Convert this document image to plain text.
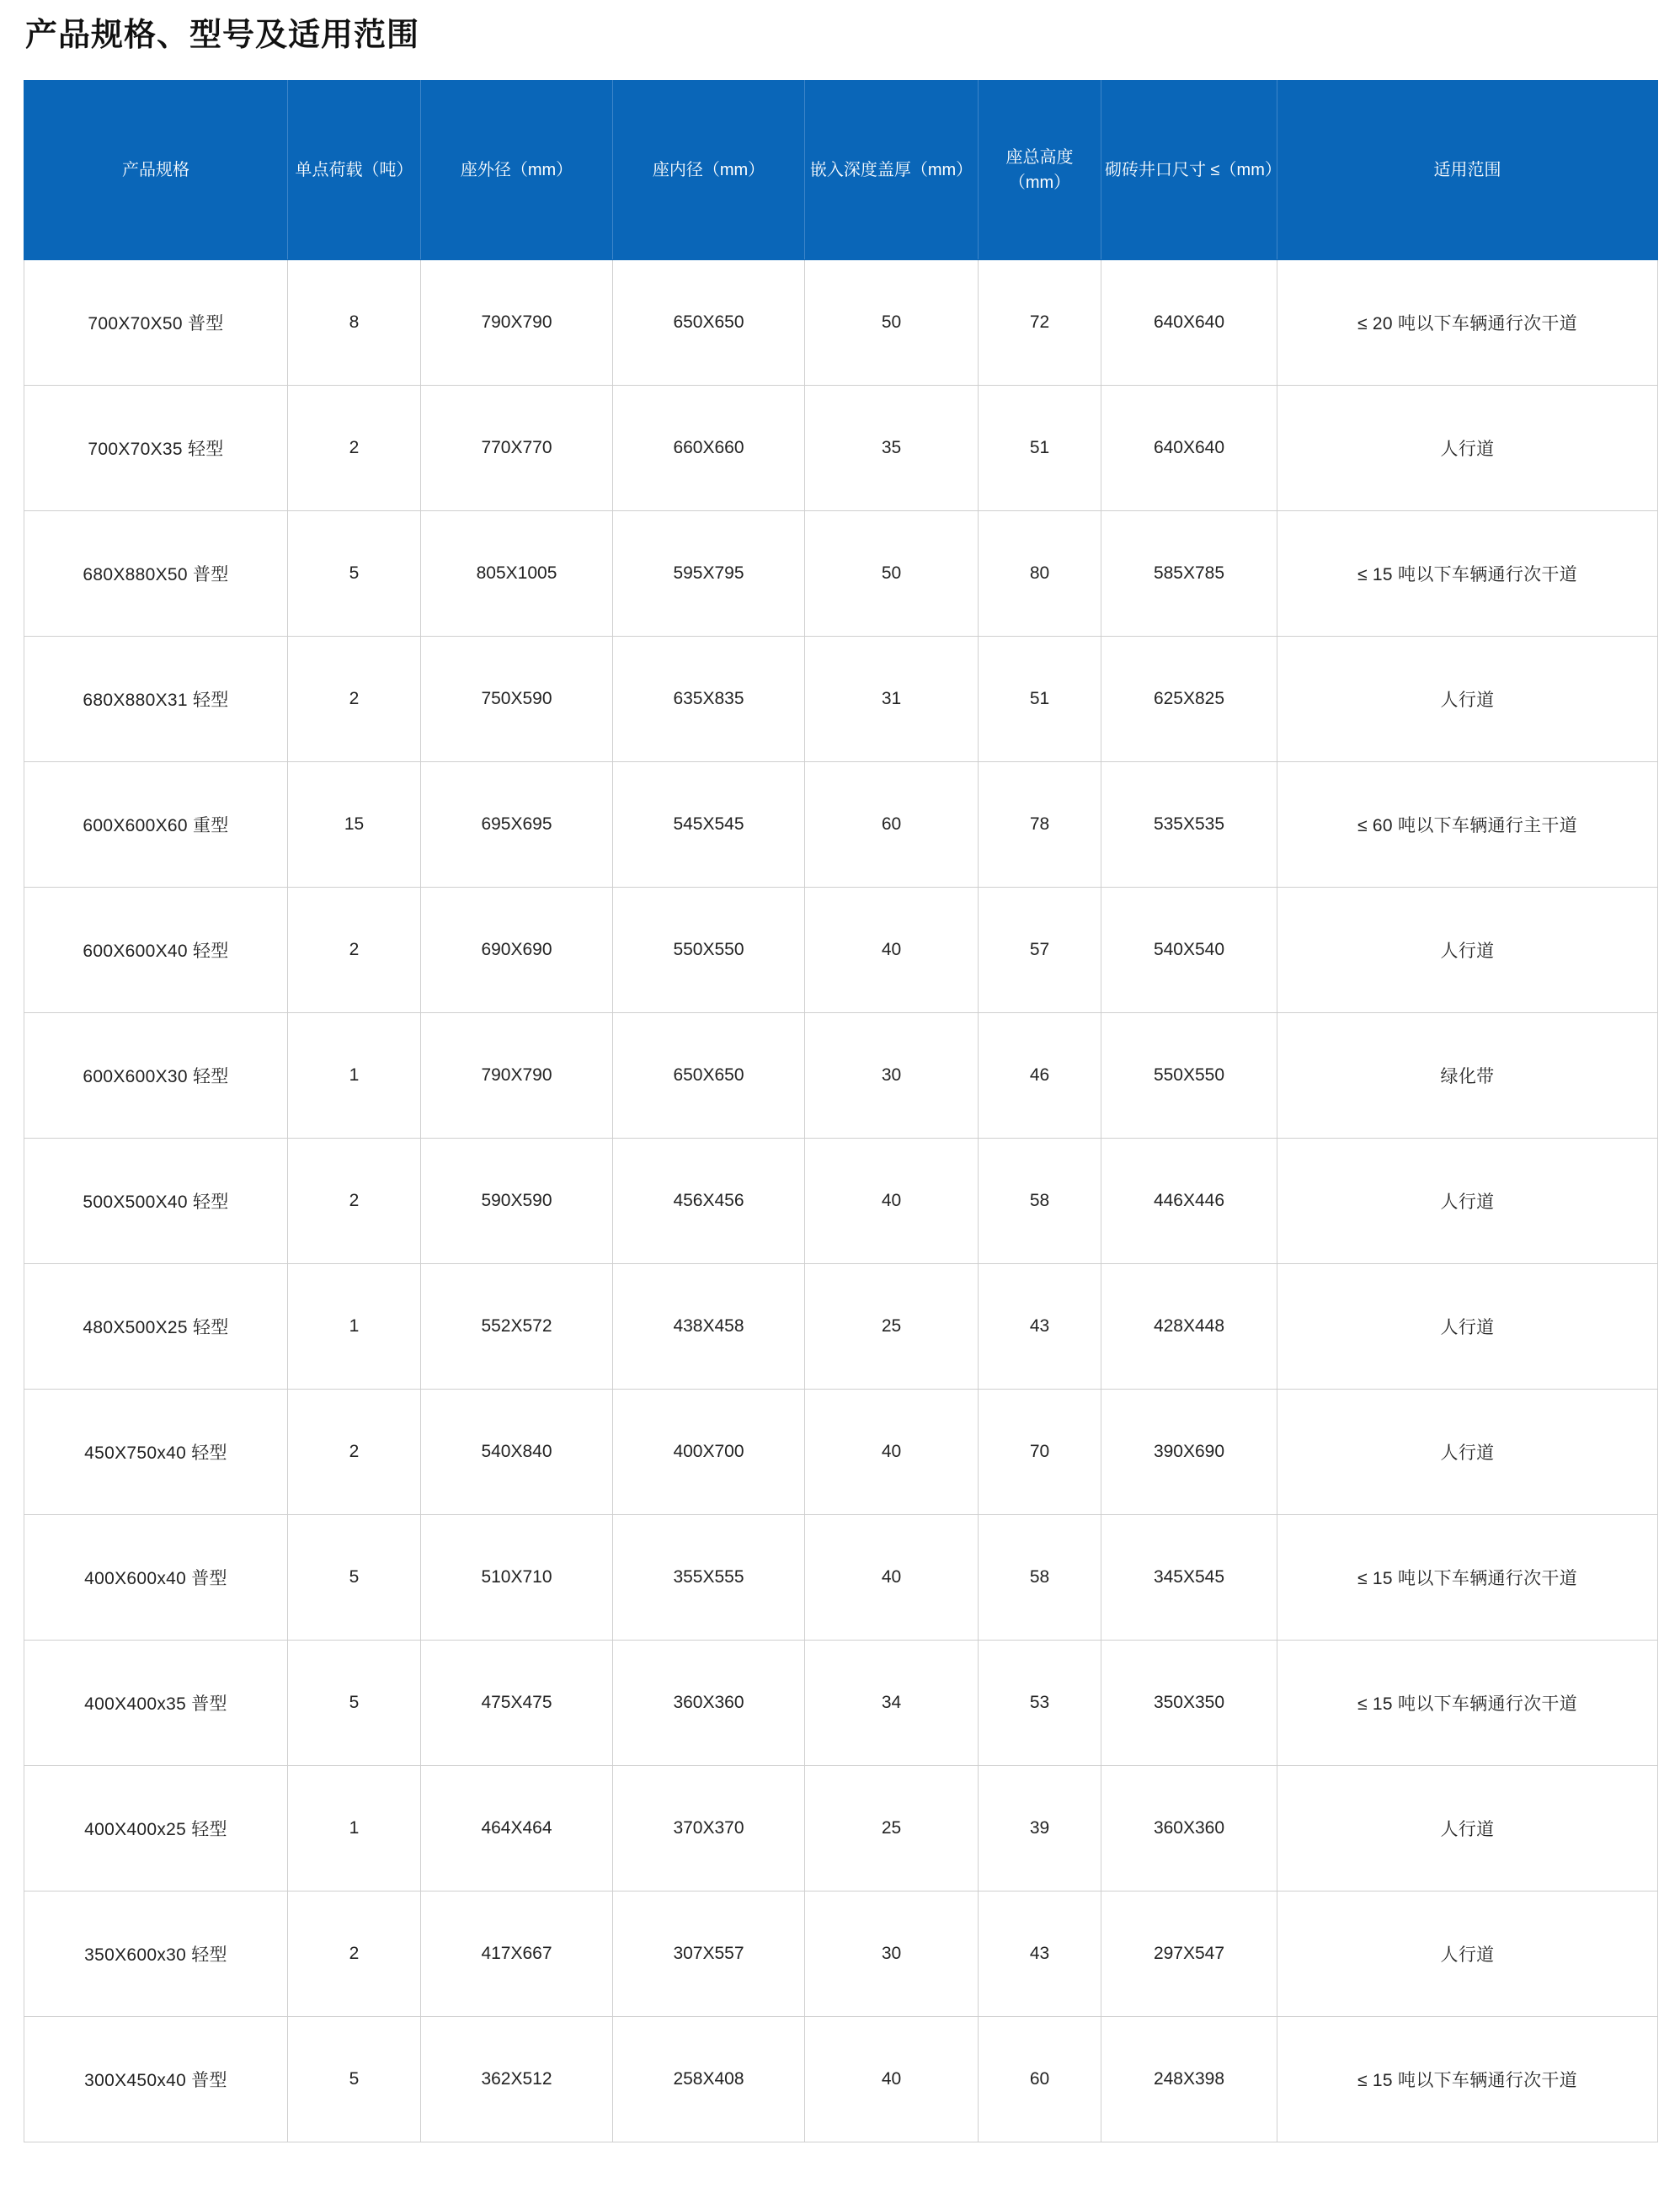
产品规格、型号及适用范围
产品规格	单点荷载（吨）	座外径（mm）	座内径（mm）	嵌入深度盖厚（mm）	座总高度（mm）	砌砖井口尺寸 ≤（mm）	适用范围
700X70X50 普型	8	790X790	650X650	50	72	640X640	≤ 20 吨以下车辆通行次干道
700X70X35 轻型	2	770X770	660X660	35	51	640X640	人行道
680X880X50 普型	5	805X1005	595X795	50	80	585X785	≤ 15 吨以下车辆通行次干道
680X880X31 轻型	2	750X590	635X835	31	51	625X825	人行道
600X600X60 重型	15	695X695	545X545	60	78	535X535	≤ 60 吨以下车辆通行主干道
600X600X40 轻型	2	690X690	550X550	40	57	540X540	人行道
600X600X30 轻型	1	790X790	650X650	30	46	550X550	绿化带
500X500X40 轻型	2	590X590	456X456	40	58	446X446	人行道
480X500X25 轻型	1	552X572	438X458	25	43	428X448	人行道
450X750x40 轻型	2	540X840	400X700	40	70	390X690	人行道
400X600x40 普型	5	510X710	355X555	40	58	345X545	≤ 15 吨以下车辆通行次干道
400X400x35 普型	5	475X475	360X360	34	53	350X350	≤ 15 吨以下车辆通行次干道
400X400x25 轻型	1	464X464	370X370	25	39	360X360	人行道
350X600x30 轻型	2	417X667	307X557	30	43	297X547	人行道
300X450x40 普型	5	362X512	258X408	40	60	248X398	≤ 15 吨以下车辆通行次干道
